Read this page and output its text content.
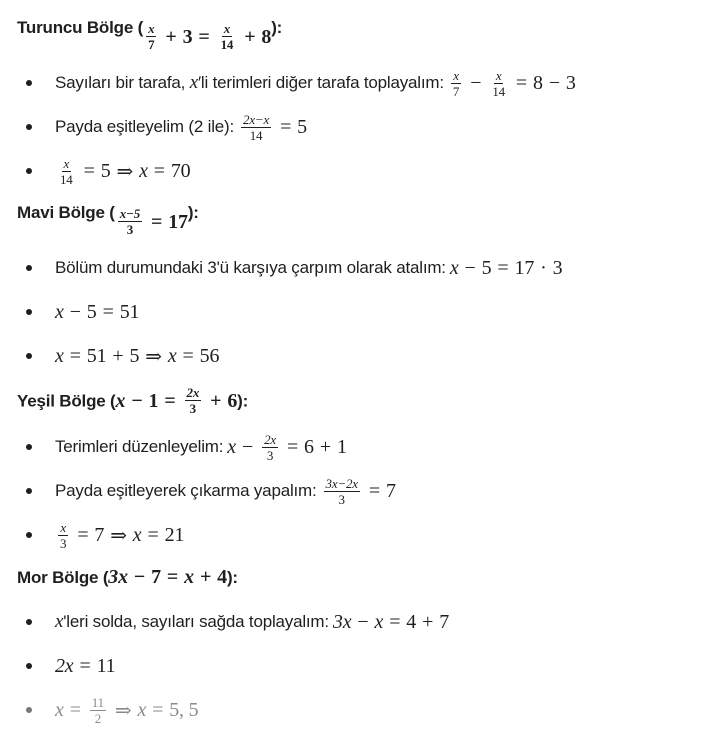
Turuncu Bölge ( $\frac{x}{7} + 3 = \frac{x}{14} + 8$ ):
Sayıları bir tarafa, x′li terimleri diğer tarafa toplayalım: $\frac{x}{7} - \frac{x}{14} = 8 - 3$
Payda eşitleyelim (2 ile): $\frac{2x-x}{14} = 5$
$\frac{x}{14} = 5$ ⇒ x = 70
Mavi Bölge ( $\frac{x-5}{3} = 17$ ):
Bölüm durumundaki 3'ü karşıya çarpım olarak atalım: x − 5 = 17 · 3
x − 5 = 51
x = 51 + 5 ⇒ x = 56
Yeşil Bölge ( $x - 1 = \frac{2x}{3} + 6$ ):
Terimleri düzenleyelim: $x - \frac{2x}{3} = 6 + 1$
Payda eşitleyerek çıkarma yapalım: $\frac{3x-2x}{3} = 7$
$\frac{x}{3} = 7$ ⇒ x = 21
Mor Bölge ( 3x − 7 = x + 4 ):
x'leri solda, sayıları sağda toplayalım: 3x − x = 4 + 7
2x = 11
$x = \frac{11}{2}$ ⇒ x = 5, 5
